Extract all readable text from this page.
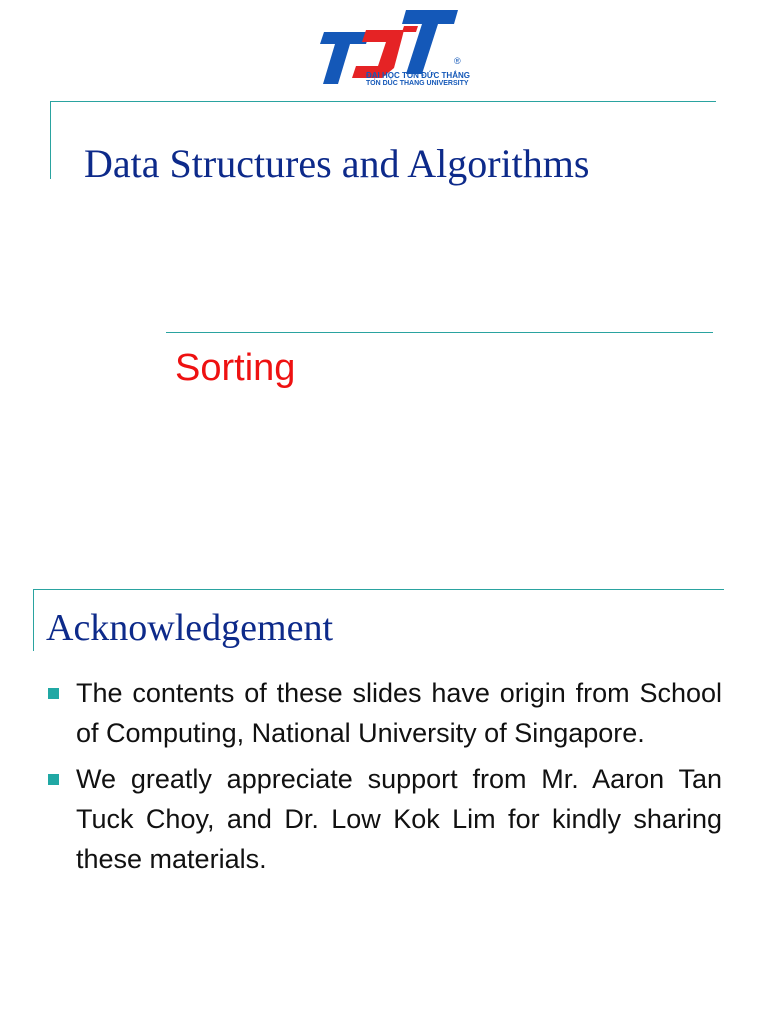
®
ĐẠI HỌC TÔN ĐỨC THẮNG
TON DUC THANG UNIVERSITY
Data Structures and Algorithms
Sorting
Acknowledgement
The contents of these slides have origin from School of Computing, National University of Singapore.
We greatly appreciate support from Mr. Aaron Tan Tuck Choy, and Dr. Low Kok Lim for kindly sharing these materials.
